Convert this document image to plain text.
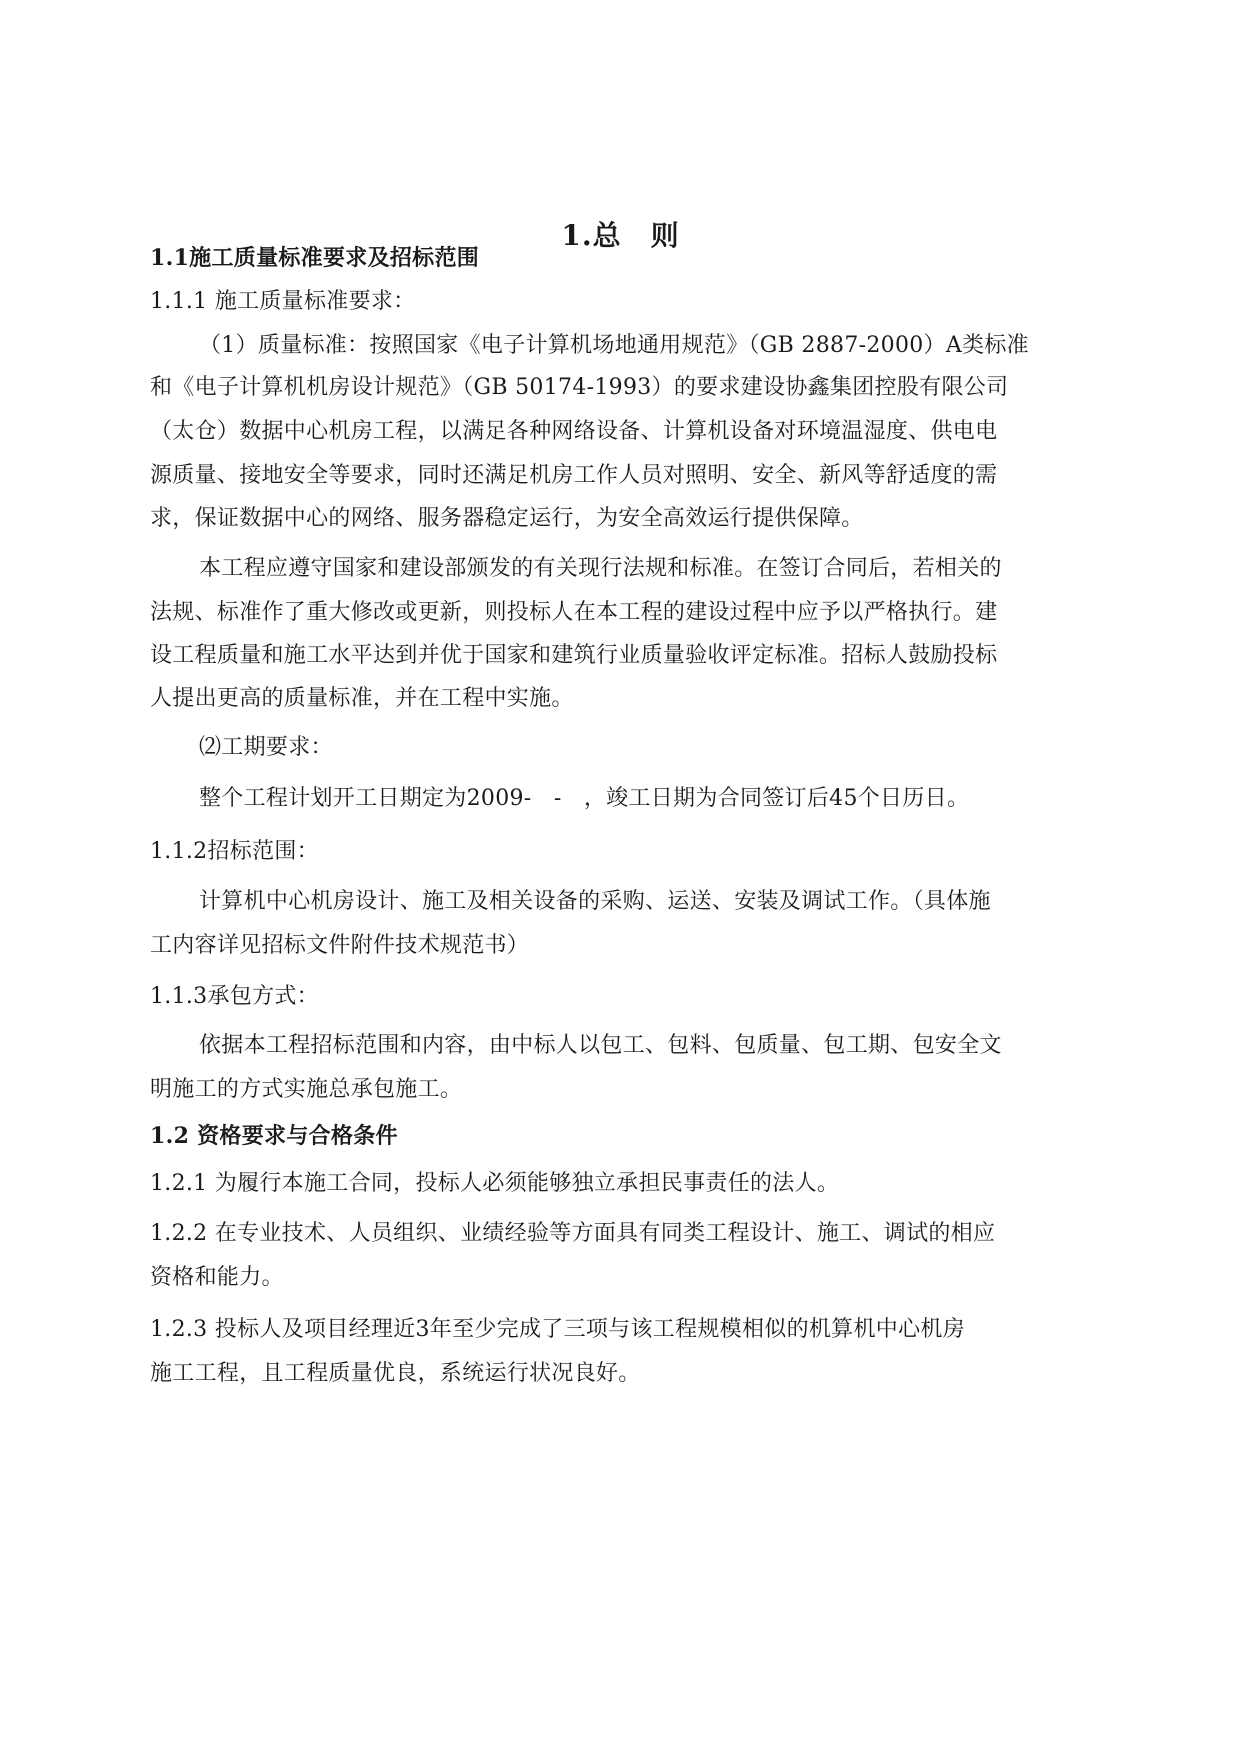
1.总　则
1.1施工质量标准要求及招标范围
1.1.1 施工质量标准要求：
（1）质量标准：按照国家《电子计算机场地通用规范》（GB 2887-2000）A类标准
和《电子计算机机房设计规范》（GB 50174-1993）的要求建设协鑫集团控股有限公司
（太仓）数据中心机房工程，以满足各种网络设备、计算机设备对环境温湿度、供电电
源质量、接地安全等要求，同时还满足机房工作人员对照明、安全、新风等舒适度的需
求，保证数据中心的网络、服务器稳定运行，为安全高效运行提供保障。
本工程应遵守国家和建设部颁发的有关现行法规和标准。在签订合同后，若相关的
法规、标准作了重大修改或更新，则投标人在本工程的建设过程中应予以严格执行。建
设工程质量和施工水平达到并优于国家和建筑行业质量验收评定标准。招标人鼓励投标
人提出更高的质量标准，并在工程中实施。
⑵工期要求：
整个工程计划开工日期定为2009-　-　，竣工日期为合同签订后45个日历日。
1.1.2招标范围：
计算机中心机房设计、施工及相关设备的采购、运送、安装及调试工作。（具体施
工内容详见招标文件附件技术规范书）
1.1.3承包方式：
依据本工程招标范围和内容，由中标人以包工、包料、包质量、包工期、包安全文
明施工的方式实施总承包施工。
1.2 资格要求与合格条件
1.2.1 为履行本施工合同，投标人必须能够独立承担民事责任的法人。
1.2.2 在专业技术、人员组织、业绩经验等方面具有同类工程设计、施工、调试的相应
资格和能力。
1.2.3 投标人及项目经理近3年至少完成了三项与该工程规模相似的机算机中心机房
施工工程，且工程质量优良，系统运行状况良好。
